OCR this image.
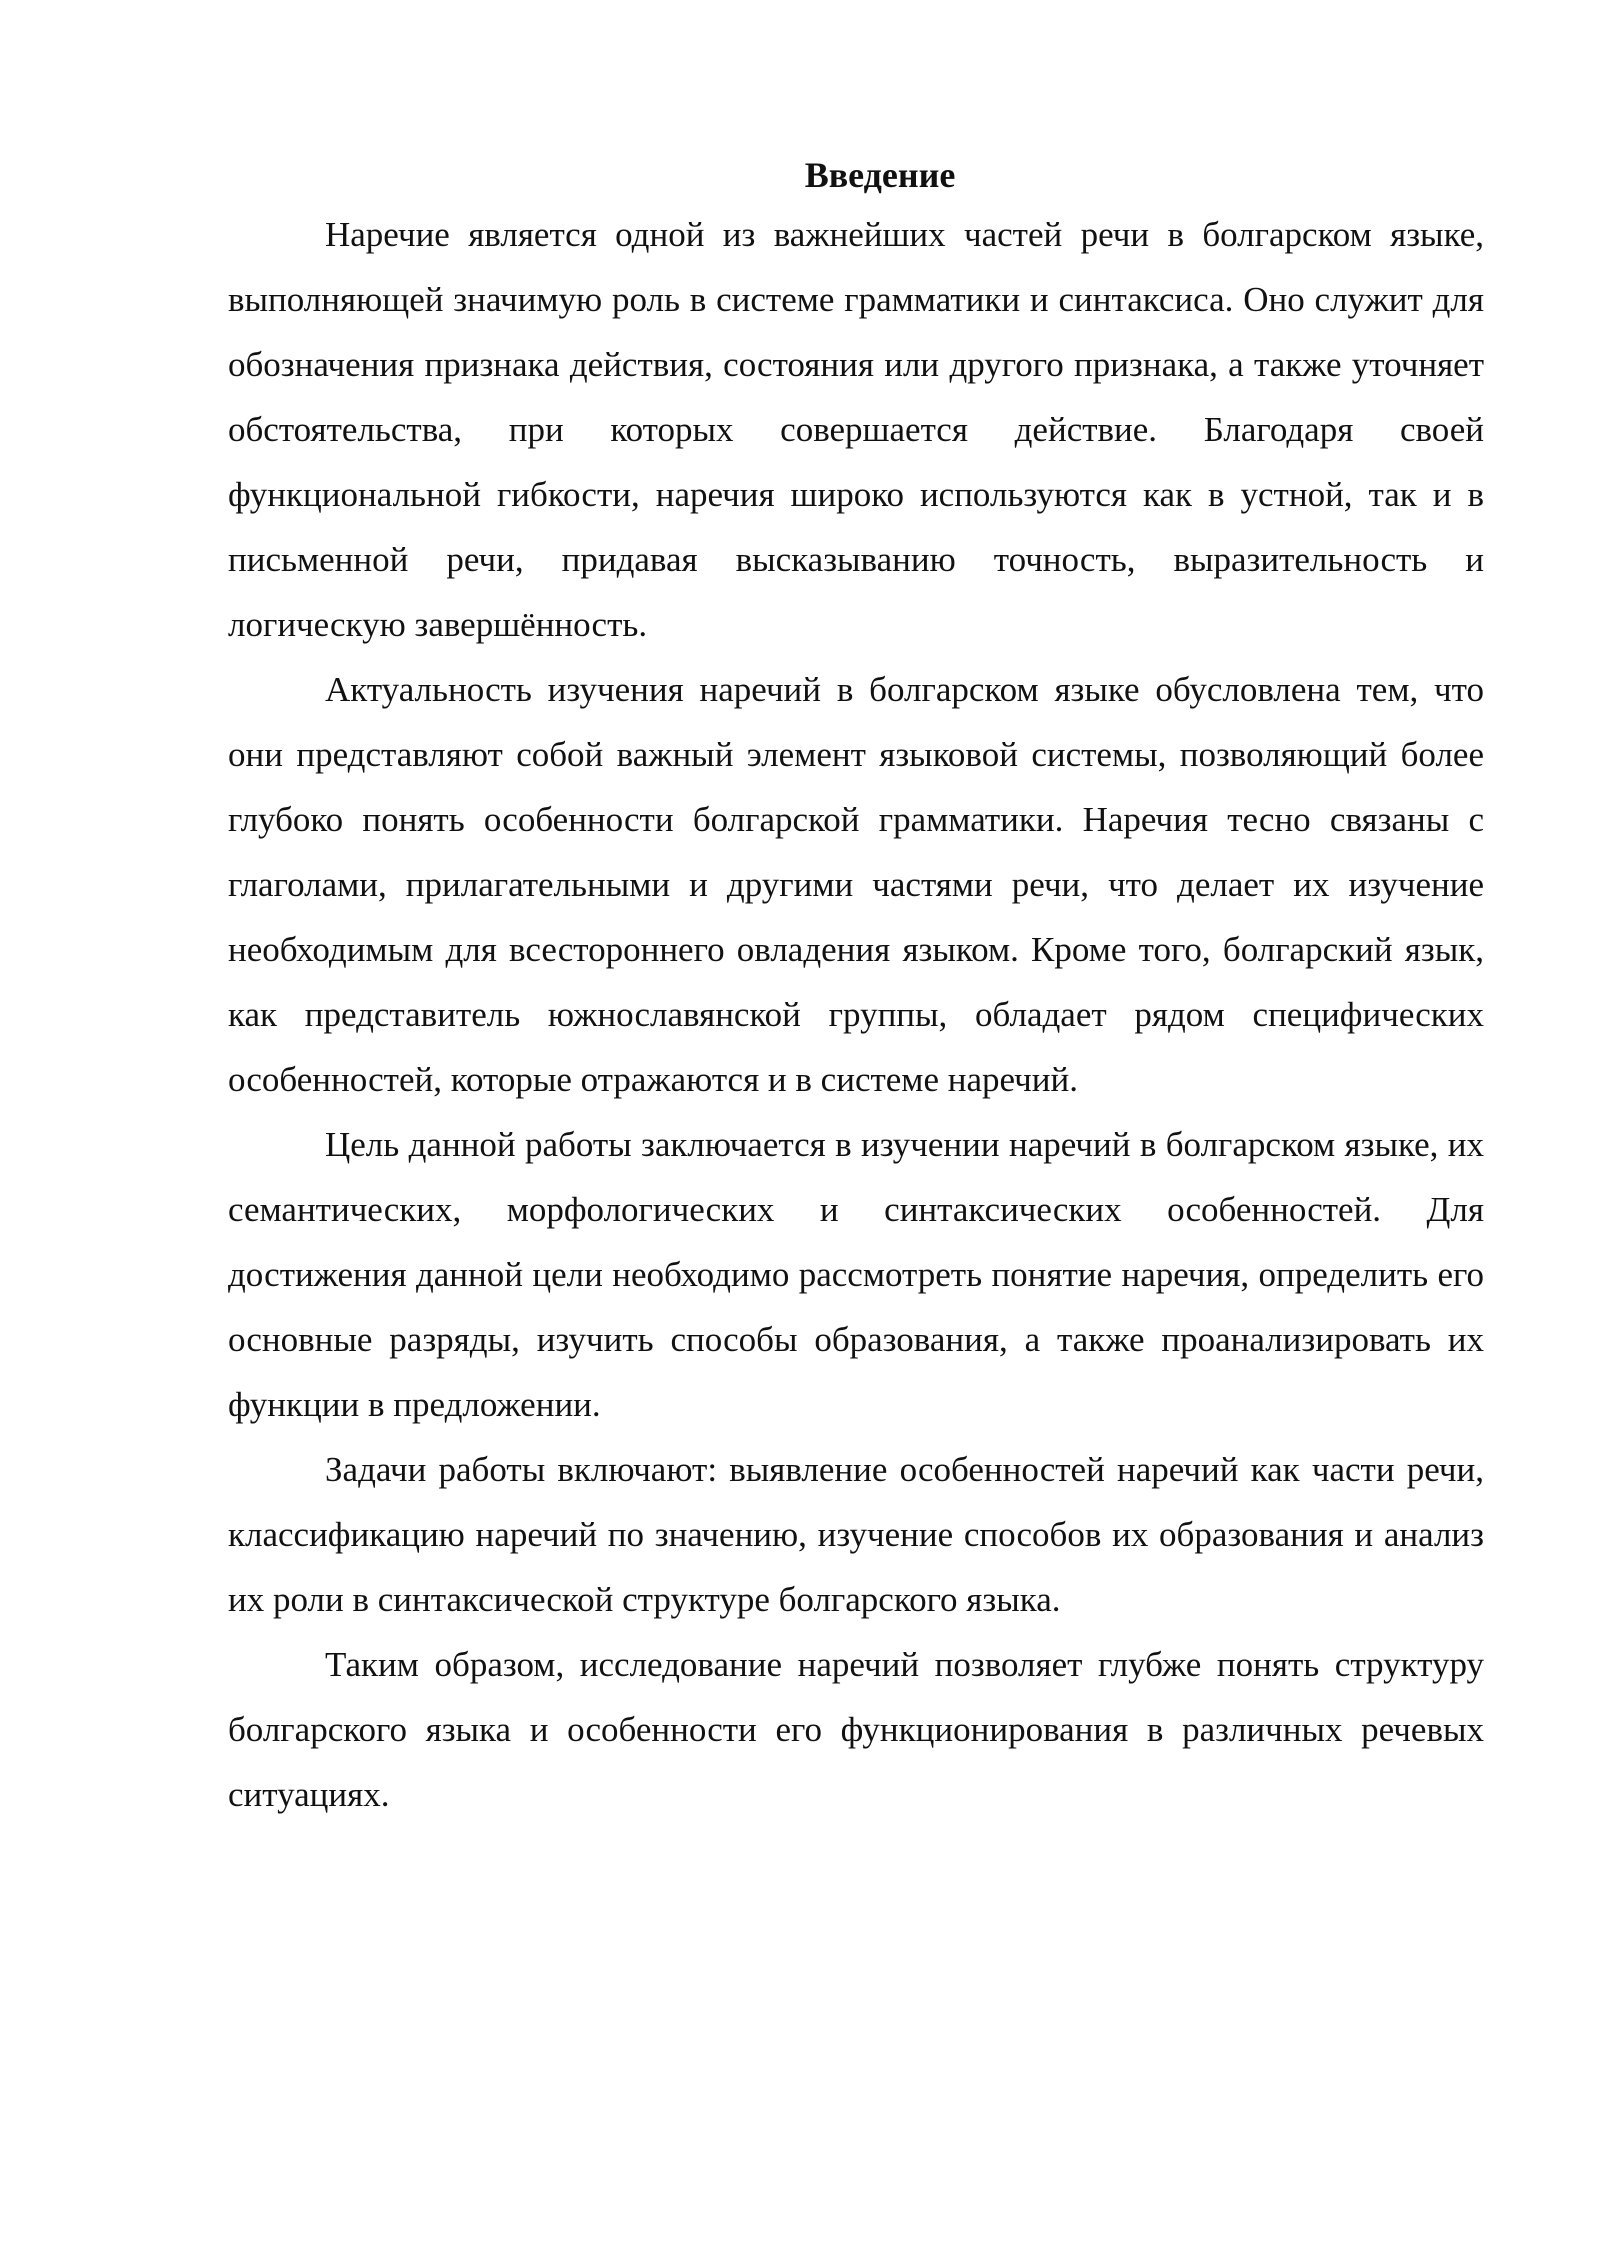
Введение

Наречие является одной из важнейших частей речи в болгарском языке, выполняющей значимую роль в системе грамматики и синтаксиса. Оно служит для обозначения признака действия, состояния или другого признака, а также уточняет обстоятельства, при которых совершается действие. Благодаря своей функциональной гибкости, наречия широко используются как в устной, так и в письменной речи, придавая высказыванию точность, выразительность и логическую завершённость.

Актуальность изучения наречий в болгарском языке обусловлена тем, что они представляют собой важный элемент языковой системы, позволяющий более глубоко понять особенности болгарской грамматики. Наречия тесно связаны с глаголами, прилагательными и другими частями речи, что делает их изучение необходимым для всестороннего овладения языком. Кроме того, болгарский язык, как представитель южнославянской группы, обладает рядом специфических особенностей, которые отражаются и в системе наречий.

Цель данной работы заключается в изучении наречий в болгарском языке, их семантических, морфологических и синтаксических особенностей. Для достижения данной цели необходимо рассмотреть понятие наречия, определить его основные разряды, изучить способы образования, а также проанализировать их функции в предложении.

Задачи работы включают: выявление особенностей наречий как части речи, классификацию наречий по значению, изучение способов их образования и анализ их роли в синтаксической структуре болгарского языка.

Таким образом, исследование наречий позволяет глубже понять структуру болгарского языка и особенности его функционирования в различных речевых ситуациях.
